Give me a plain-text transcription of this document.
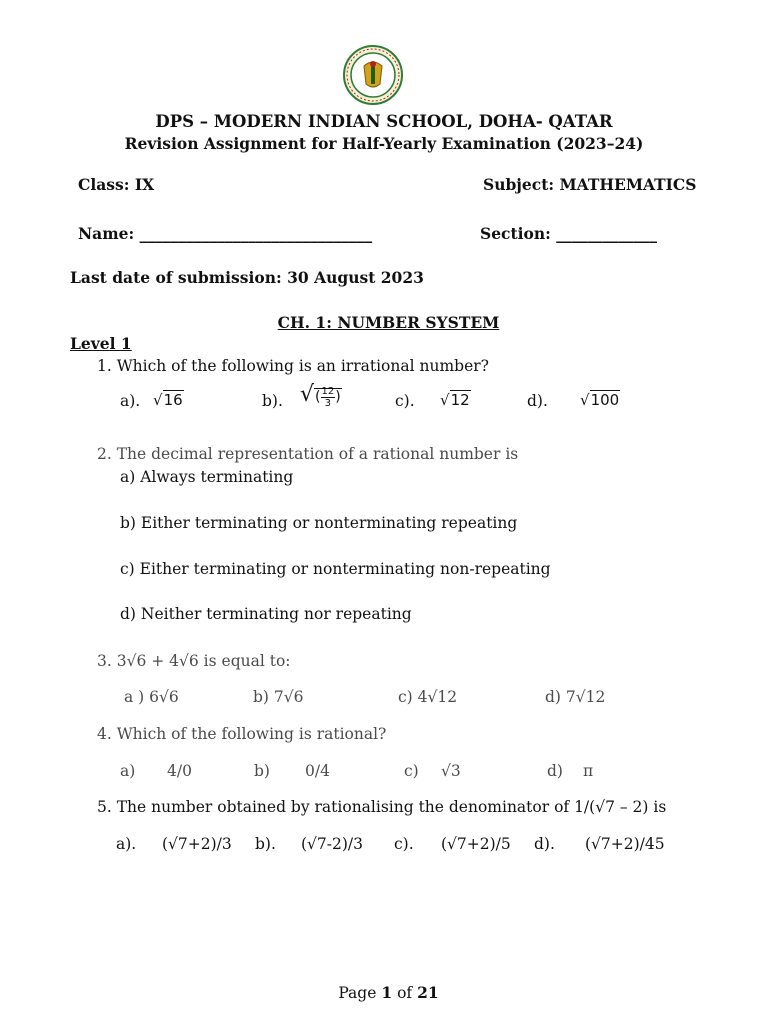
DPS – MODERN INDIAN SCHOOL, DOHA- QATAR
Revision Assignment for Half-Yearly Examination (2023–24)
Class: IX	Subject: MATHEMATICS
Name: ______________________________	Section: _____________
Last date of submission: 30 August 2023
CH. 1: NUMBER SYSTEM
Level 1
1. Which of the following is an irrational number?
a). √16	b). √( $\frac{12}{3}$ )	c). √12	d). √100
2. The decimal representation of a rational number is
a) Always terminating
b) Either terminating or nonterminating repeating
c) Either terminating or nonterminating non-repeating
d) Neither terminating nor repeating
3. 3√6 + 4√6 is equal to:
a ) 6√6	b) 7√6	c) 4√12	d) 7√12
4. Which of the following is rational?
a) 4/0	b) 0/4	c) √3	d) π
5. The number obtained by rationalising the denominator of 1/(√7 – 2) is
a). (√7+2)/3 b). (√7-2)/3 c). (√7+2)/5 d). (√7+2)/45
Page 1 of 21
